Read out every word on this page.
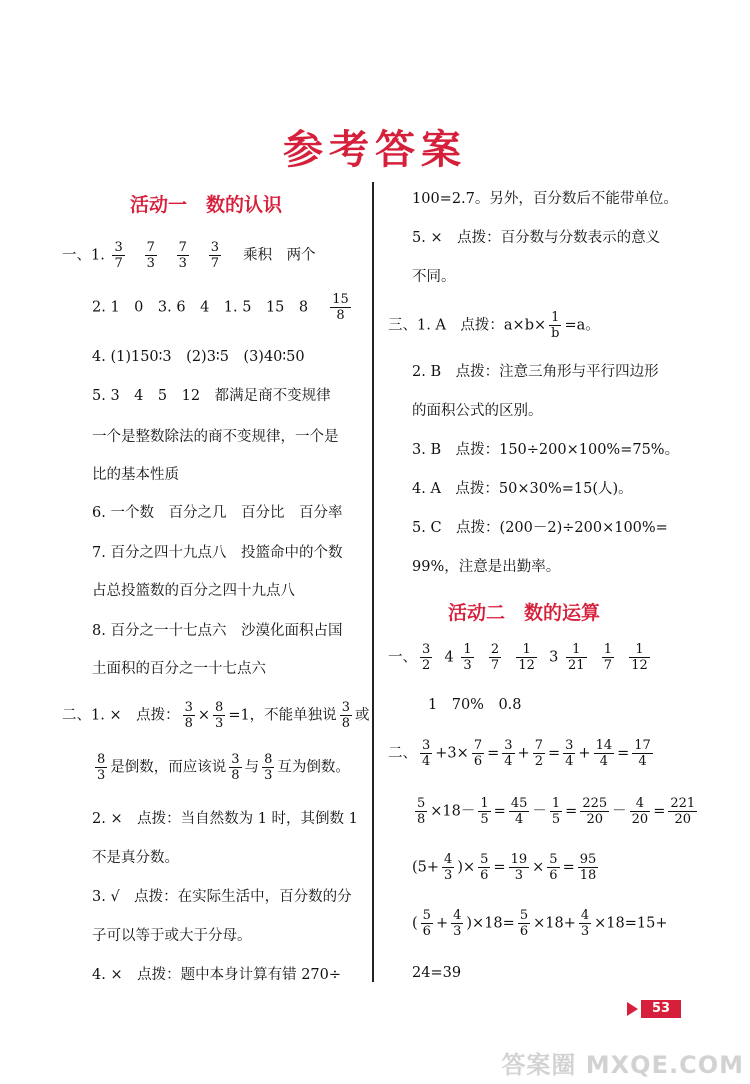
参考答案
活动一　数的认识
一、1. $\frac{3}{7}$
$\frac{7}{3}$
$\frac{7}{3}$
$\frac{3}{7}$ 　乘积　两个
2. 1　0　3. 6　4　1. 5　15　8　 $\frac{15}{8}$
4. (1)150∶3　(2)3∶5　(3)40∶50
5. 3　4　5　12　都满足商不变规律
一个是整数除法的商不变规律，一个是
比的基本性质
6. 一个数　百分之几　百分比　百分率
7. 百分之四十九点八　投篮命中的个数
占总投篮数的百分之四十九点八
8. 百分之一十七点六　沙漠化面积占国
土面积的百分之一十七点六
二、1. ×　点拨： $\frac{3}{8} \times \frac{8}{3} =1$，不能单独说 $\frac{3}{8}$ 或
$\frac{8}{3}$ 是倒数，而应该说 $\frac{3}{8}$ 与 $\frac{8}{3}$ 互为倒数。
2. ×　点拨：当自然数为 1 时，其倒数 1
不是真分数。
3. √　点拨：在实际生活中，百分数的分
子可以等于或大于分母。
4. ×　点拨：题中本身计算有错 270÷
100=2.7。另外，百分数后不能带单位。
5. ×　点拨：百分数与分数表示的意义
不同。
三、1. A　点拨：$a\times b\times \frac{1}{b} =a$。
2. B　点拨：注意三角形与平行四边形
的面积公式的区别。
3. B　点拨：150÷200×100%=75%。
4. A　点拨：50×30%=15(人)。
5. C　点拨：(200－2)÷200×100%=
99%，注意是出勤率。
活动二　数的运算
一、 $\frac{3}{2} 4 \frac{1}{3}$
$\frac{2}{7}$
$\frac{1}{12} 3 \frac{1}{21}$
$\frac{1}{7}$
$\frac{1}{12}$
1　70%　0.8
二、 $\frac{3}{4} +3\times \frac{7}{6} = \frac{3}{4} + \frac{7}{2} = \frac{3}{4} + \frac{14}{4} = \frac{17}{4}$
$\frac{5}{8} \times 18- \frac{1}{5} = \frac{45}{4} - \frac{1}{5} = \frac{225}{20} - \frac{4}{20} = \frac{221}{20}$
($5+ \frac{4}{3}$ )× $\frac{5}{6} = \frac{19}{3} \times \frac{5}{6} = \frac{95}{18}$
( $\frac{5}{6} + \frac{4}{3} )\times 18= \frac{5}{6} \times 18+ \frac{4}{3} \times 18=15+$
24=39
53
答案圈 MXQE.COM
